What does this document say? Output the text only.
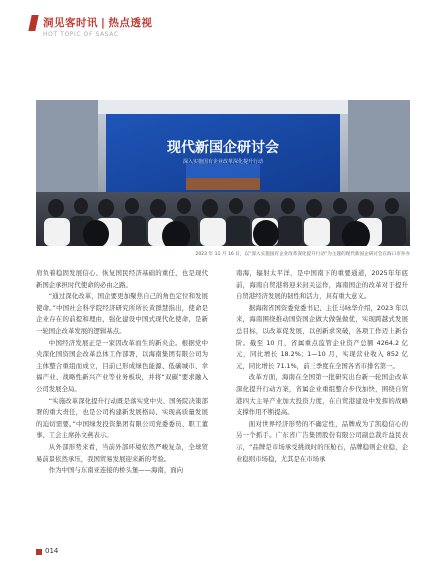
洞见客时讯 | 热点透视
HOT TOPIC OF SASAC
现代新国企研讨会
深入实施国有企业改革深化提升行动
2023 年 11 月 16 日，以“深入实施国有企业改革深化提升行动”为主题的现代新国企研讨会在海口市举办

肩负着稳固发展信心、恢复国民经济基础的重任，也是现代新国企承担时代使命的必由之路。

“通过深化改革，国企要更加聚焦自己的角色定位和发展使命。”中国社会科学院经济研究所所长黄群慧指出，使命是企业存在的前提和理由，强化建设中国式现代化使命，是新一轮国企改革发展的逻辑基点。

中国经济发展正是一家因改革而生的新央企。根据党中央深化国资国企改革总体工作部署，以海南集团有限公司为主体整合重组而成立，目前已形成绿色能源、低碳城市、幸福产业、战略性新兴产业等业务板块，并将“双碳”要求融入公司发展全局。

“实施改革深化提升行动既是落实党中央、国务院决策部署的重大责任，也是公司构建新发展格局、实现高质量发展的迫切需要。”中国绿发投资集团有限公司党委委员、职工董事、工会主席孙文燕表示。

从外部形势来看，当前外部环境依然严峻复杂，全球贸易前景依然承压，我国贸易发展迎来新的考验。

作为中国与东南亚连接的桥头堡——海南，面向

南海，辐射太平洋，是中国南下的重要通道，2025年年底前，海南自贸港将迎来封关运作，海南国企的改革对于提升自贸港经济发展的韧性和活力，具有重大意义。

据海南省国资委党委书记、主任马咏华介绍，2023 年以来，海南围绕推动国资国企做大做强做优，实现跨越式发展总目标，以改革促发展，以创新求突破，各项工作迈上新台阶。截至 10 月，省属重点监管企业资产总额 4264.2 亿元，同比增长 18.2%；1—10 月，实现营业收入 852 亿元，同比增长 71.1%，前三季度在全国各省市排名第一。

改革方面，海南在全国第一批研究出台新一轮国企改革深化提升行动方案，省属企业重组整合步伐加快，围绕自贸港四大主导产业加大投资力度，在自贸港建设中发挥的战略支撑作用不断提高。

面对世界经济形势的不确定性，品牌成为了凯稳信心的另一个抓手。广东省广告集团股份有限公司副总裁许益民表示，“品牌是市场承受挑战时的压舱石，品牌稳则企业稳，企业稳则市场稳，尤其是在市场承

014
